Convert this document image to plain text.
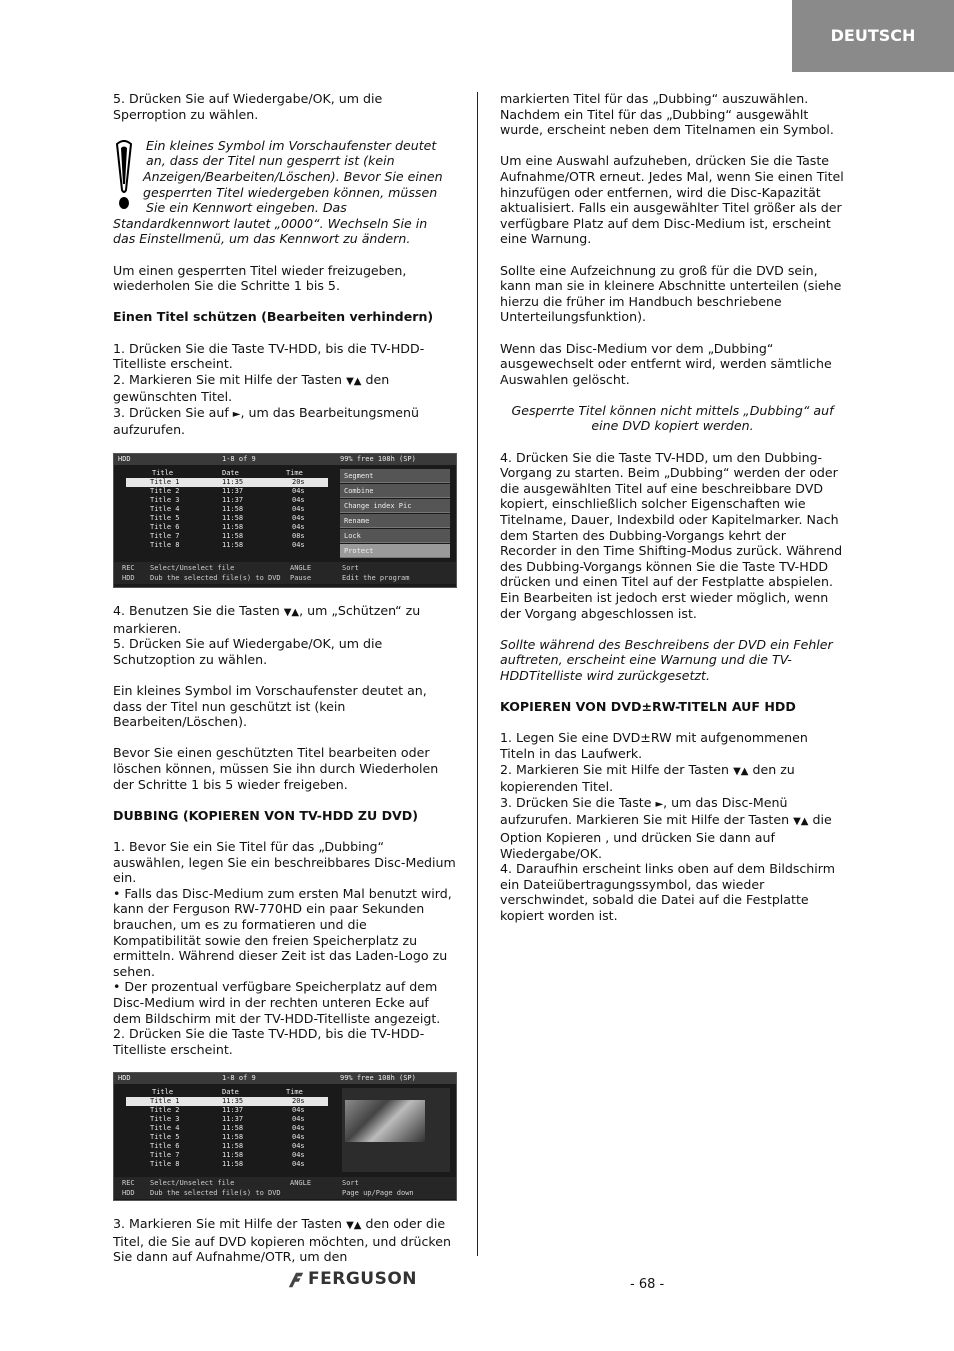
DEUTSCH

5. Drücken Sie auf Wiedergabe/OK, um die Sperroption zu wählen.

Ein kleines Symbol im Vorschaufenster deutet
an, dass der Titel nun gesperrt ist (kein
Anzeigen/Bearbeiten/Löschen). Bevor Sie einen
gesperrten Titel wiedergeben können, müssen
Sie ein Kennwort eingeben. Das
Standardkennwort lautet „0000“. Wechseln Sie in
das Einstellmenü, um das Kennwort zu ändern.

Um einen gesperrten Titel wieder freizugeben, wiederholen Sie die Schritte 1 bis 5.

Einen Titel schützen (Bearbeiten verhindern)

1. Drücken Sie die Taste TV-HDD, bis die TV-HDD-Titelliste erscheint.

2. Markieren Sie mit Hilfe der Tasten ▼▲ den gewünschten Titel.

3. Drücken Sie auf ►, um das Bearbeitungsmenü aufzurufen.

HDD	1-8 of 9	99% free 108h (SP)
Title	Date	Time
Title 1	11:35	20s
Title 2	11:37	04s
Title 3	11:37	04s
Title 4	11:58	04s
Title 5	11:58	04s
Title 6	11:58	04s
Title 7	11:58	08s
Title 8	11:58	04s
Segment
Combine
Change index Pic
Rename
Lock
Protect
REC Select/Unselect file	ANGLE	Sort
HDD Dub the selected file(s) to DVD Pause	Edit the program

4. Benutzen Sie die Tasten ▼▲, um „Schützen“ zu markieren.

5. Drücken Sie auf Wiedergabe/OK, um die Schutzoption zu wählen.

Ein kleines Symbol im Vorschaufenster deutet an, dass der Titel nun geschützt ist (kein Bearbeiten/Löschen).

Bevor Sie einen geschützten Titel bearbeiten oder löschen können, müssen Sie ihn durch Wiederholen der Schritte 1 bis 5 wieder freigeben.

DUBBING (KOPIEREN VON TV-HDD ZU DVD)

1. Bevor Sie ein Sie Titel für das „Dubbing“ auswählen, legen Sie ein beschreibbares Disc-Medium ein.

• Falls das Disc-Medium zum ersten Mal benutzt wird, kann der Ferguson RW-770HD ein paar Sekunden brauchen, um es zu formatieren und die Kompatibilität sowie den freien Speicherplatz zu ermitteln. Während dieser Zeit ist das Laden-Logo zu sehen.

• Der prozentual verfügbare Speicherplatz auf dem Disc-Medium wird in der rechten unteren Ecke auf dem Bildschirm mit der TV-HDD-Titelliste angezeigt.

2. Drücken Sie die Taste TV-HDD, bis die TV-HDD-Titelliste erscheint.

HDD	1-8 of 9	99% free 108h (SP)
Title	Date	Time
Title 1	11:35	20s
Title 2	11:37	04s
Title 3	11:37	04s
Title 4	11:58	04s
Title 5	11:58	04s
Title 6	11:58	04s
Title 7	11:58	04s
Title 8	11:58	04s
REC Select/Unselect file	ANGLE	Sort
HDD Dub the selected file(s) to DVD	Page up/Page down

3. Markieren Sie mit Hilfe der Tasten ▼▲ den oder die Titel, die Sie auf DVD kopieren möchten, und drücken Sie dann auf Aufnahme/OTR, um den

markierten Titel für das „Dubbing“ auszuwählen. Nachdem ein Titel für das „Dubbing“ ausgewählt wurde, erscheint neben dem Titelnamen ein Symbol.

Um eine Auswahl aufzuheben, drücken Sie die Taste Aufnahme/OTR erneut. Jedes Mal, wenn Sie einen Titel hinzufügen oder entfernen, wird die Disc-Kapazität aktualisiert. Falls ein ausgewählter Titel größer als der verfügbare Platz auf dem Disc-Medium ist, erscheint eine Warnung.

Sollte eine Aufzeichnung zu groß für die DVD sein, kann man sie in kleinere Abschnitte unterteilen (siehe hierzu die früher im Handbuch beschriebene Unterteilungsfunktion).

Wenn das Disc-Medium vor dem „Dubbing“ ausgewechselt oder entfernt wird, werden sämtliche Auswahlen gelöscht.

Gesperrte Titel können nicht mittels „Dubbing“ auf
eine DVD kopiert werden.

4. Drücken Sie die Taste TV-HDD, um den Dubbing-Vorgang zu starten. Beim „Dubbing“ werden der oder die ausgewählten Titel auf eine beschreibbare DVD kopiert, einschließlich solcher Eigenschaften wie Titelname, Dauer, Indexbild oder Kapitelmarker. Nach dem Starten des Dubbing-Vorgangs kehrt der Recorder in den Time Shifting-Modus zurück. Während des Dubbing-Vorgangs können Sie die Taste TV-HDD drücken und einen Titel auf der Festplatte abspielen. Ein Bearbeiten ist jedoch erst wieder möglich, wenn der Vorgang abgeschlossen ist.

Sollte während des Beschreibens der DVD ein Fehler auftreten, erscheint eine Warnung und die TV-HDDTitelliste wird zurückgesetzt.

KOPIEREN VON DVD±RW-TITELN AUF HDD

1. Legen Sie eine DVD±RW mit aufgenommenen Titeln in das Laufwerk.

2. Markieren Sie mit Hilfe der Tasten ▼▲ den zu kopierenden Titel.

3. Drücken Sie die Taste ►, um das Disc-Menü aufzurufen. Markieren Sie mit Hilfe der Tasten ▼▲ die Option Kopieren , und drücken Sie dann auf Wiedergabe/OK.

4. Daraufhin erscheint links oben auf dem Bildschirm ein Dateiübertragungssymbol, das wieder verschwindet, sobald die Datei auf die Festplatte kopiert worden ist.

FERGUSON	- 68 -
